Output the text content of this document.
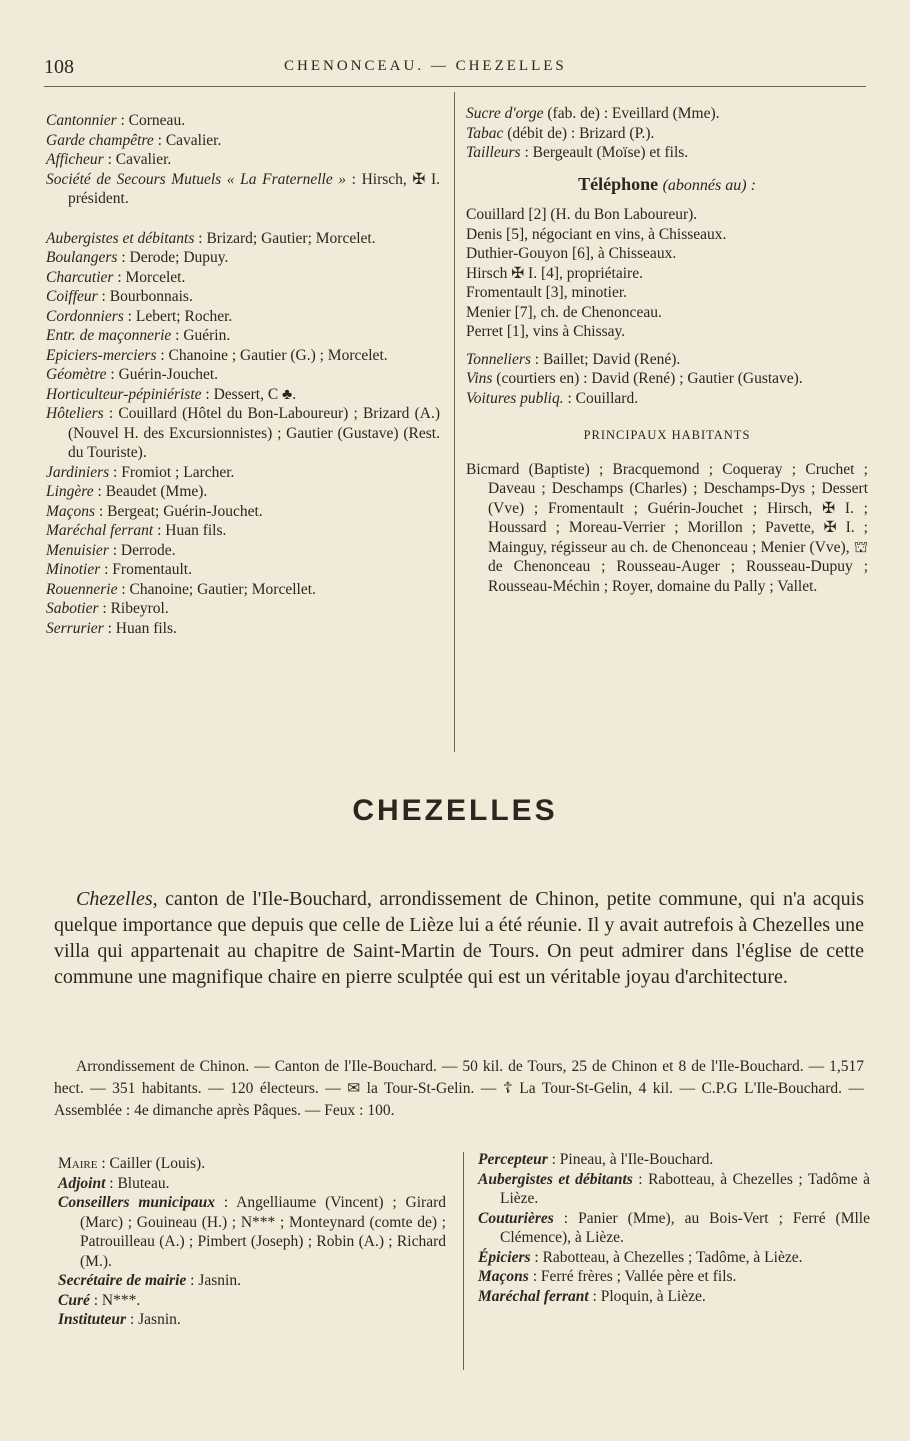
108	CHENONCEAU. — CHEZELLES

Cantonnier : Corneau.

Garde champêtre : Cavalier.

Afficheur : Cavalier.

Société de Secours Mutuels « La Fraternelle » : Hirsch, ✠ I. président.

Aubergistes et débitants : Brizard; Gautier; Morcelet.

Boulangers : Derode; Dupuy.

Charcutier : Morcelet.

Coiffeur : Bourbonnais.

Cordonniers : Lebert; Rocher.

Entr. de maçonnerie : Guérin.

Epiciers-merciers : Chanoine ; Gautier (G.) ; Morcelet.

Géomètre : Guérin-Jouchet.

Horticulteur-pépiniériste : Dessert, C ♣.

Hôteliers : Couillard (Hôtel du Bon-Laboureur) ; Brizard (A.) (Nouvel H. des Excursionnistes) ; Gautier (Gustave) (Rest. du Touriste).

Jardiniers : Fromiot ; Larcher.

Lingère : Beaudet (Mme).

Maçons : Bergeat; Guérin-Jouchet.

Maréchal ferrant : Huan fils.

Menuisier : Derrode.

Minotier : Fromentault.

Rouennerie : Chanoine; Gautier; Morcellet.

Sabotier : Ribeyrol.

Serrurier : Huan fils.

Sucre d'orge (fab. de) : Eveillard (Mme).

Tabac (débit de) : Brizard (P.).

Tailleurs : Bergeault (Moïse) et fils.

Téléphone (abonnés au) :

Couillard [2] (H. du Bon Laboureur).

Denis [5], négociant en vins, à Chisseaux.

Duthier-Gouyon [6], à Chisseaux.

Hirsch ✠ I. [4], propriétaire.

Fromentault [3], minotier.

Menier [7], ch. de Chenonceau.

Perret [1], vins à Chissay.

Tonneliers : Baillet; David (René).

Vins (courtiers en) : David (René) ; Gautier (Gustave).

Voitures publiq. : Couillard.

PRINCIPAUX HABITANTS

Bicmard (Baptiste) ; Bracquemond ; Coqueray ; Cruchet ; Daveau ; Deschamps (Charles) ; Deschamps-Dys ; Dessert (Vve) ; Fromentault ; Guérin-Jouchet ; Hirsch, ✠ I. ; Houssard ; Moreau-Verrier ; Morillon ; Pavette, ✠ I. ; Mainguy, régisseur au ch. de Chenonceau ; Menier (Vve), ⛫ de Chenonceau ; Rousseau-Auger ; Rousseau-Dupuy ; Rousseau-Méchin ; Royer, domaine du Pally ; Vallet.

CHEZELLES

Chezelles, canton de l'Ile-Bouchard, arrondissement de Chinon, petite commune, qui n'a acquis quelque importance que depuis que celle de Lièze lui a été réunie. Il y avait autrefois à Chezelles une villa qui appartenait au chapitre de Saint-Martin de Tours. On peut admirer dans l'église de cette commune une magnifique chaire en pierre sculptée qui est un véritable joyau d'architecture.

Arrondissement de Chinon. — Canton de l'Ile-Bouchard. — 50 kil. de Tours, 25 de Chinon et 8 de l'Ile-Bouchard. — 1,517 hect. — 351 habitants. — 120 électeurs. — ✉ la Tour-St-Gelin. — ☦ La Tour-St-Gelin, 4 kil. — C.P.G L'Ile-Bouchard. — Assemblée : 4e dimanche après Pâques. — Feux : 100.

Maire : Cailler (Louis).

Adjoint : Bluteau.

Conseillers municipaux : Angelliaume (Vincent) ; Girard (Marc) ; Gouineau (H.) ; N*** ; Monteynard (comte de) ; Patrouilleau (A.) ; Pimbert (Joseph) ; Robin (A.) ; Richard (M.).

Secrétaire de mairie : Jasnin.

Curé : N***.

Instituteur : Jasnin.

Percepteur : Pineau, à l'Ile-Bouchard.

Aubergistes et débitants : Rabotteau, à Chezelles ; Tadôme à Lièze.

Couturières : Panier (Mme), au Bois-Vert ; Ferré (Mlle Clémence), à Lièze.

Épiciers : Rabotteau, à Chezelles ; Tadôme, à Lièze.

Maçons : Ferré frères ; Vallée père et fils.

Maréchal ferrant : Ploquin, à Lièze.
